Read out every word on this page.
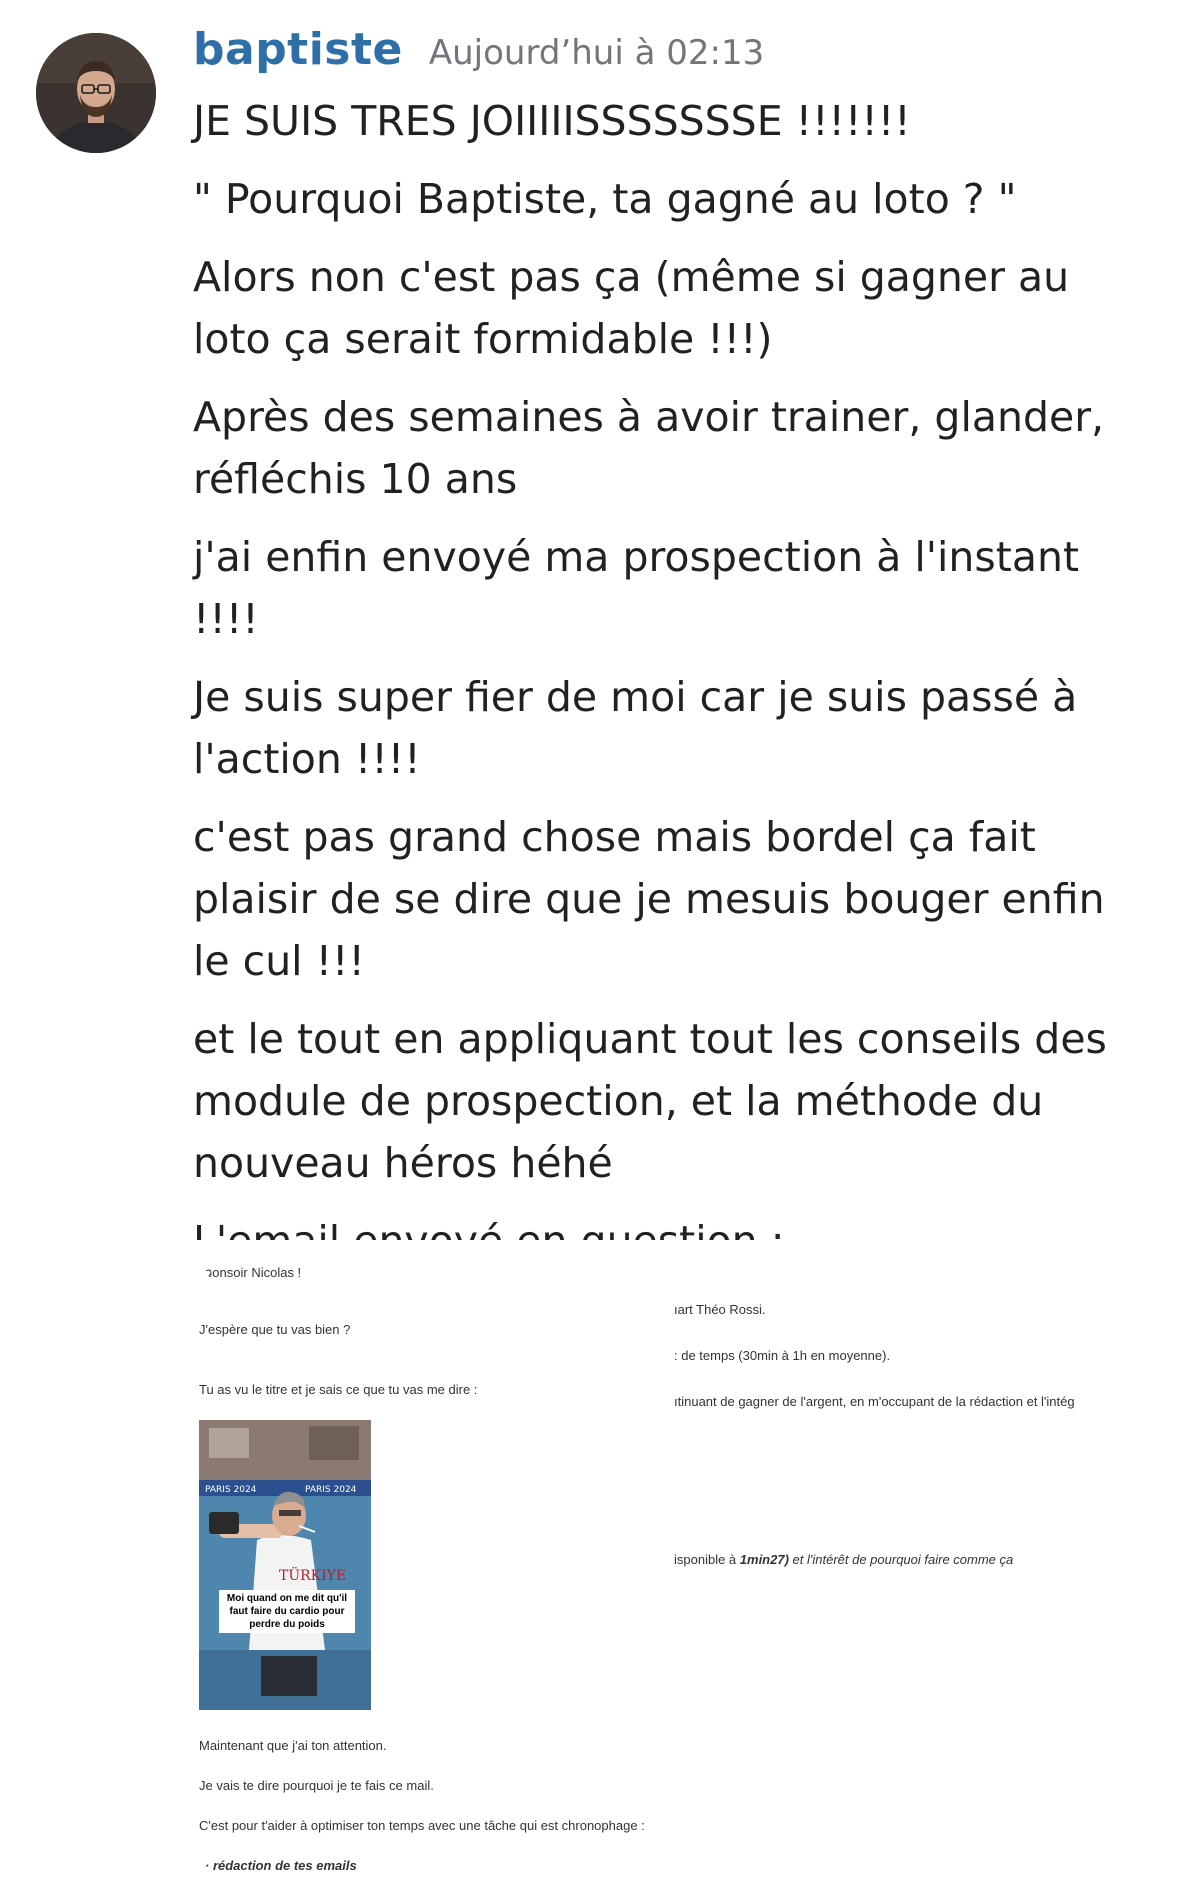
baptiste Aujourd’hui à 02:13

JE SUIS TRES JOIIIIISSSSSSSE !!!!!!!

" Pourquoi Baptiste, ta gagné au loto ? "

Alors non c'est pas ça (même si gagner au loto ça serait formidable !!!)

Après des semaines à avoir trainer, glander, réfléchis 10 ans

j'ai enfin envoyé ma prospection à l'instant !!!!

Je suis super fier de moi car je suis passé à l'action !!!!

c'est pas grand chose mais bordel ça fait plaisir de se dire que je mesuis bouger enfin le cul !!!

et le tout en appliquant tout les conseils des module de prospection, et la méthode du nouveau héros héhé

วonsoir Nicolas !
J'espère que tu vas bien ?
Tu as vu le titre et je sais ce que tu vas me dire :
PARIS 2024	PARIS 2024
TÜRKIYE
Moi quand on me dit qu'il faut faire du cardio pour perdre du poids
Maintenant que j'ai ton attention.
Je vais te dire pourquoi je te fais ce mail.
C'est pour t'aider à optimiser ton temps avec une tâche qui est chronophage :
· rédaction de tes emails
ıart Théo Rossi.
: de temps (30min à 1h en moyenne).
ıtinuant de gagner de l'argent, en m'occupant de la rédaction et l'intég
isponible à 1min27) et l'intérêt de pourquoi faire comme ça
